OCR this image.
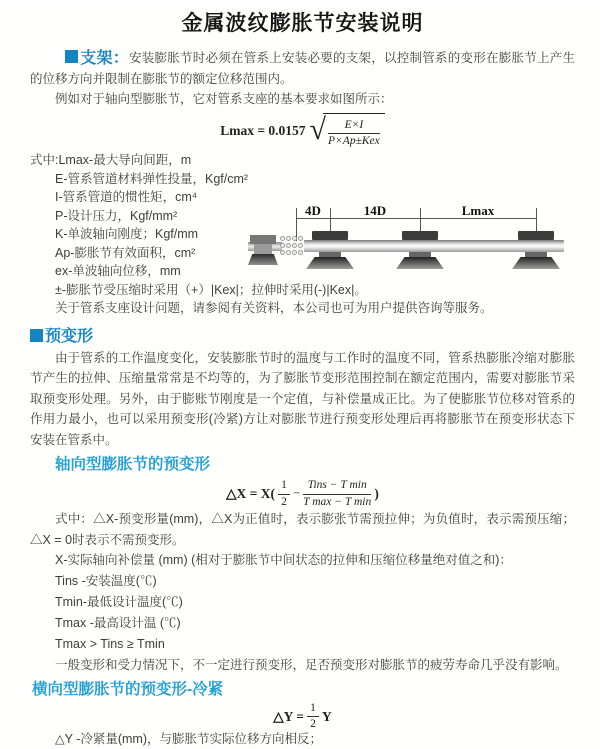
金属波纹膨胀节安装说明

支架：安装膨胀节时必须在管系上安装必要的支架，以控制管系的变形在膨胀节上产生的位移方向并限制在膨胀节的额定位移范围内。

例如对于轴向型膨胀节，它对管系支座的基本要求如图所示：

Lmax = 0.0157 √ $\frac{E\times I}{\text{P×Ap±Kex}}$
式中:Lmax-最大导向间距，m
E-管系管道材料弹性投量，Kgf/cm²
I-管系管道的惯性矩，cm⁴
P-设计压力，Kgf/mm²
K-单波轴向刚度；Kgf/mm
Ap-膨胀节有效面积，cm²
ex-单波轴向位移，mm
±-膨胀节受压缩时采用（+）|Kex|；拉伸时采用(-)|Kex|。
关于管系支座设计问题，请参阅有关资料，本公司也可为用户提供咨询等服务。
预变形

由于管系的工作温度变化，安装膨胀节时的温度与工作时的温度不同，管系热膨胀冷缩对膨胀节产生的拉伸、压缩量常常是不均等的，为了膨胀节变形范围控制在额定范围内，需要对膨胀节采取预变形处理。另外，由于膨账节刚度是一个定值，与补偿量成正比。为了使膨胀节位移对管系的作用力最小，也可以采用预变形(冷紧)方让对膨胀节进行预变形处理后再将膨胀节在预变形状态下安装在管系中。

轴向型膨胀节的预变形
△X = $X( \frac{1}{2} - \frac{\text{Tins − T min}}{\text{T max − T min}}$ )

式中：△X-预变形量(mm)，△X为正值时，表示膨张节需预拉伸；为负值时，表示需预压缩；△X = 0时表示不需预变形。

X-实际轴向补偿量 (mm) (相对于膨胀节中间状态的拉伸和压缩位移量绝对值之和)：
Tins -安装温度(℃)
Tmin-最低设计温度(℃)
Tmax -最高设计温 (℃)
Tmax > Tins ≥ Tmin
一般变形和受力情况下，不一定进行预变形，足否预变形对膨胀节的疲劳寿命几乎没有影响。
横向型膨胀节的预变形-冷紧
△Y = $\frac{1}{2}$ Y
△Y -冷紧量(mm)，与膨胀节实际位移方向相反；
4D	14D	Lmax
